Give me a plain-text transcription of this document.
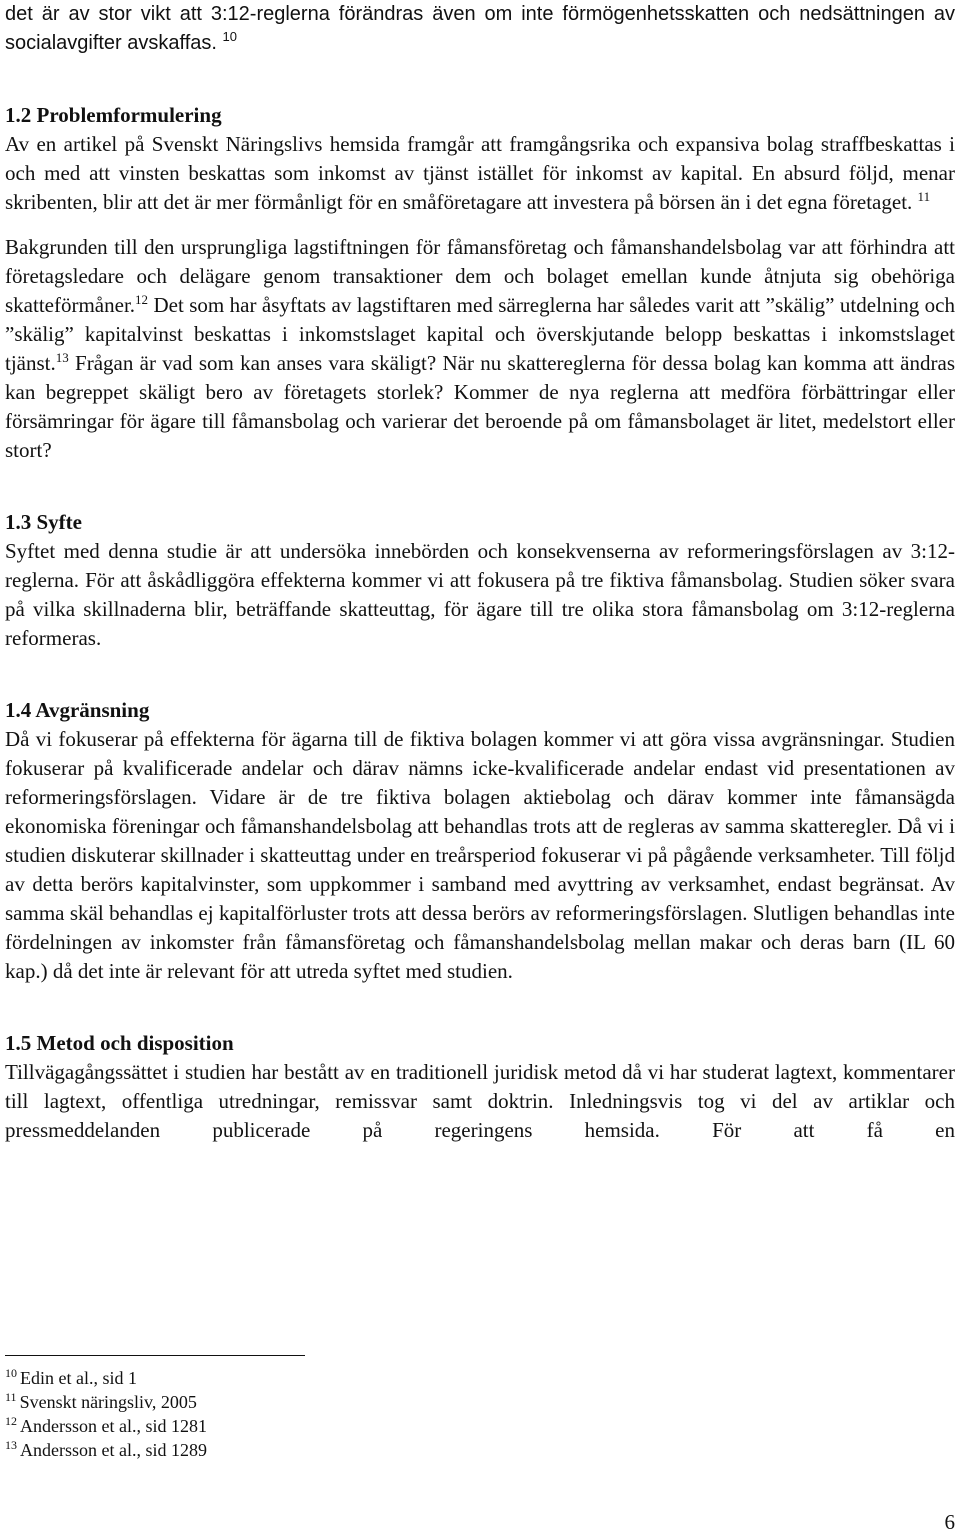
det är av stor vikt att 3:12-reglerna förändras även om inte förmögenhetsskatten och nedsättningen av socialavgifter avskaffas. $^{10}$

1.2 Problemformulering

Av en artikel på Svenskt Näringslivs hemsida framgår att framgångsrika och expansiva bolag straffbeskattas i och med att vinsten beskattas som inkomst av tjänst istället för inkomst av kapital. En absurd följd, menar skribenten, blir att det är mer förmånligt för en småföretagare att investera på börsen än i det egna företaget. $^{11}$

Bakgrunden till den ursprungliga lagstiftningen för fåmansföretag och fåmanshandelsbolag var att förhindra att företagsledare och delägare genom transaktioner dem och bolaget emellan kunde åtnjuta sig obehöriga skatteförmåner.$^{12}$ Det som har åsyftats av lagstiftaren med särreglerna har således varit att ”skälig” utdelning och ”skälig” kapitalvinst beskattas i inkomstslaget kapital och överskjutande belopp beskattas i inkomstslaget tjänst.$^{13}$ Frågan är vad som kan anses vara skäligt? När nu skattereglerna för dessa bolag kan komma att ändras kan begreppet skäligt bero av företagets storlek? Kommer de nya reglerna att medföra förbättringar eller försämringar för ägare till fåmansbolag och varierar det beroende på om fåmansbolaget är litet, medelstort eller stort?

1.3 Syfte

Syftet med denna studie är att undersöka innebörden och konsekvenserna av reformeringsförslagen av 3:12-reglerna. För att åskådliggöra effekterna kommer vi att fokusera på tre fiktiva fåmansbolag. Studien söker svara på vilka skillnaderna blir, beträffande skatteuttag, för ägare till tre olika stora fåmansbolag om 3:12-reglerna reformeras.

1.4 Avgränsning

Då vi fokuserar på effekterna för ägarna till de fiktiva bolagen kommer vi att göra vissa avgränsningar. Studien fokuserar på kvalificerade andelar och därav nämns icke-kvalificerade andelar endast vid presentationen av reformeringsförslagen. Vidare är de tre fiktiva bolagen aktiebolag och därav kommer inte fåmansägda ekonomiska föreningar och fåmanshandelsbolag att behandlas trots att de regleras av samma skatteregler. Då vi i studien diskuterar skillnader i skatteuttag under en treårsperiod fokuserar vi på pågående verksamheter. Till följd av detta berörs kapitalvinster, som uppkommer i samband med avyttring av verksamhet, endast begränsat. Av samma skäl behandlas ej kapitalförluster trots att dessa berörs av reformeringsförslagen. Slutligen behandlas inte fördelningen av inkomster från fåmansföretag och fåmanshandelsbolag mellan makar och deras barn (IL 60 kap.) då det inte är relevant för att utreda syftet med studien.

1.5 Metod och disposition

Tillvägagångssättet i studien har bestått av en traditionell juridisk metod då vi har studerat lagtext, kommentarer till lagtext, offentliga utredningar, remissvar samt doktrin. Inledningsvis tog vi del av artiklar och pressmeddelanden publicerade på regeringens hemsida. För att få en

$^{10}$ Edin et al., sid 1
$^{11}$ Svenskt näringsliv, 2005
$^{12}$ Andersson et al., sid 1281
$^{13}$ Andersson et al., sid 1289
6
